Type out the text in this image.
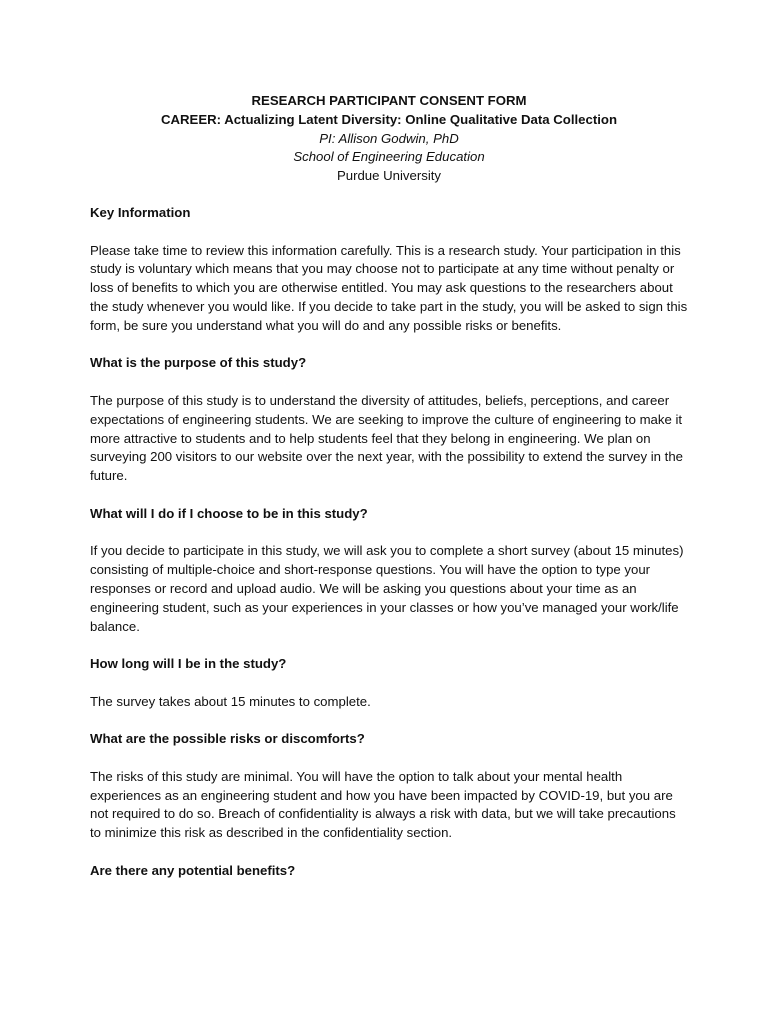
RESEARCH PARTICIPANT CONSENT FORM
CAREER: Actualizing Latent Diversity: Online Qualitative Data Collection
PI: Allison Godwin, PhD
School of Engineering Education
Purdue University
Key Information

Please take time to review this information carefully. This is a research study. Your participation in this study is voluntary which means that you may choose not to participate at any time without penalty or loss of benefits to which you are otherwise entitled. You may ask questions to the researchers about the study whenever you would like. If you decide to take part in the study, you will be asked to sign this form, be sure you understand what you will do and any possible risks or benefits.

What is the purpose of this study?

The purpose of this study is to understand the diversity of attitudes, beliefs, perceptions, and career expectations of engineering students. We are seeking to improve the culture of engineering to make it more attractive to students and to help students feel that they belong in engineering. We plan on surveying 200 visitors to our website over the next year, with the possibility to extend the survey in the future.

What will I do if I choose to be in this study?

If you decide to participate in this study, we will ask you to complete a short survey (about 15 minutes) consisting of multiple-choice and short-response questions. You will have the option to type your responses or record and upload audio. We will be asking you questions about your time as an engineering student, such as your experiences in your classes or how you’ve managed your work/life balance.

How long will I be in the study?

The survey takes about 15 minutes to complete.

What are the possible risks or discomforts?

The risks of this study are minimal. You will have the option to talk about your mental health experiences as an engineering student and how you have been impacted by COVID-19, but you are not required to do so. Breach of confidentiality is always a risk with data, but we will take precautions to minimize this risk as described in the confidentiality section.

Are there any potential benefits?
